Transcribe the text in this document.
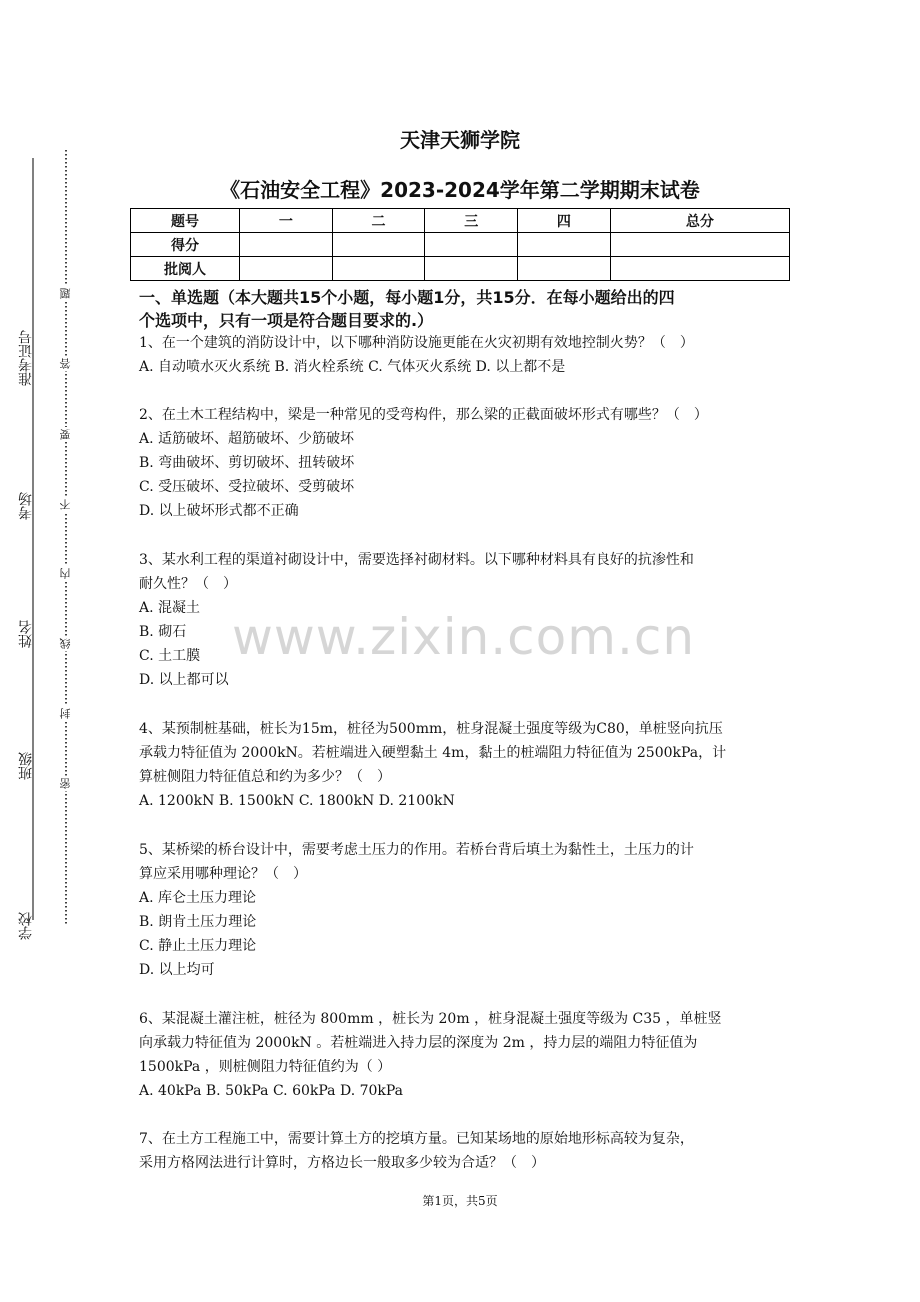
准考证号
考场
姓名
班级
学校
题
答
要
不
内
线
封
密
天津天狮学院
《石油安全工程》2023-2024学年第二学期期末试卷
题号	一	二	三	四	总分
得分					
批阅人					
一、单选题（本大题共15个小题，每小题1分，共15分．在每小题给出的四
个选项中，只有一项是符合题目要求的.）
www.zixin.com.cn

1、在一个建筑的消防设计中，以下哪种消防设施更能在火灾初期有效地控制火势？（　）

A. 自动喷水灭火系统 B. 消火栓系统 C. 气体灭火系统 D. 以上都不是

2、在土木工程结构中，梁是一种常见的受弯构件，那么梁的正截面破坏形式有哪些？（　）

A. 适筋破坏、超筋破坏、少筋破坏

B. 弯曲破坏、剪切破坏、扭转破坏

C. 受压破坏、受拉破坏、受剪破坏

D. 以上破坏形式都不正确

3、某水利工程的渠道衬砌设计中，需要选择衬砌材料。以下哪种材料具有良好的抗渗性和

耐久性？（　）

A. 混凝土

B. 砌石

C. 土工膜

D. 以上都可以

4、某预制桩基础，桩长为15m，桩径为500mm，桩身混凝土强度等级为C80，单桩竖向抗压

承载力特征值为 2000kN。若桩端进入硬塑黏土 4m，黏土的桩端阻力特征值为 2500kPa，计

算桩侧阻力特征值总和约为多少？（　）

A. 1200kN B. 1500kN C. 1800kN D. 2100kN

5、某桥梁的桥台设计中，需要考虑土压力的作用。若桥台背后填土为黏性土，土压力的计

算应采用哪种理论？（　）

A. 库仑土压力理论

B. 朗肯土压力理论

C. 静止土压力理论

D. 以上均可

6、某混凝土灌注桩，桩径为 800mm ，桩长为 20m ，桩身混凝土强度等级为 C35 ，单桩竖

向承载力特征值为 2000kN 。若桩端进入持力层的深度为 2m ，持力层的端阻力特征值为

1500kPa ，则桩侧阻力特征值约为（ ）

A. 40kPa B. 50kPa C. 60kPa D. 70kPa

7、在土方工程施工中，需要计算土方的挖填方量。已知某场地的原始地形标高较为复杂，

采用方格网法进行计算时，方格边长一般取多少较为合适？（　）

第1页，共5页
